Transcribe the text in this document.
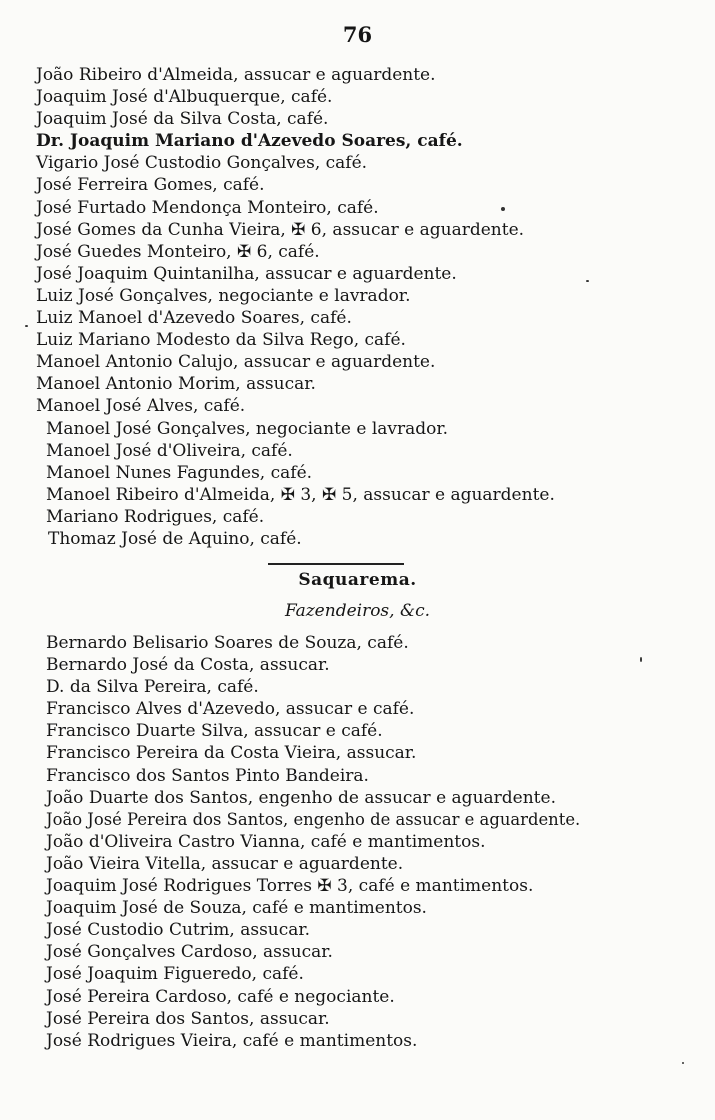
76
João Ribeiro d'Almeida, assucar e aguardente.
Joaquim José d'Albuquerque, café.
Joaquim José da Silva Costa, café.
Dr. Joaquim Mariano d'Azevedo Soares, café.
Vigario José Custodio Gonçalves, café.
José Ferreira Gomes, café.
José Furtado Mendonça Monteiro, café.
José Gomes da Cunha Vieira, ✠ 6, assucar e aguardente.
José Guedes Monteiro, ✠ 6, café.
José Joaquim Quintanilha, assucar e aguardente.
Luiz José Gonçalves, negociante e lavrador.
Luiz Manoel d'Azevedo Soares, café.
Luiz Mariano Modesto da Silva Rego, café.
Manoel Antonio Calujo, assucar e aguardente.
Manoel Antonio Morim, assucar.
Manoel José Alves, café.
Manoel José Gonçalves, negociante e lavrador.
Manoel José d'Oliveira, café.
Manoel Nunes Fagundes, café.
Manoel Ribeiro d'Almeida, ✠ 3, ✠ 5, assucar e aguardente.
Mariano Rodrigues, café.
Thomaz José de Aquino, café.
Saquarema.
Fazendeiros, &c.
Bernardo Belisario Soares de Souza, café.
Bernardo José da Costa, assucar.
D. da Silva Pereira, café.
Francisco Alves d'Azevedo, assucar e café.
Francisco Duarte Silva, assucar e café.
Francisco Pereira da Costa Vieira, assucar.
Francisco dos Santos Pinto Bandeira.
João Duarte dos Santos, engenho de assucar e aguardente.
João José Pereira dos Santos, engenho de assucar e aguardente.
João d'Oliveira Castro Vianna, café e mantimentos.
João Vieira Vitella, assucar e aguardente.
Joaquim José Rodrigues Torres ✠ 3, café e mantimentos.
Joaquim José de Souza, café e mantimentos.
José Custodio Cutrim, assucar.
José Gonçalves Cardoso, assucar.
José Joaquim Figueredo, café.
José Pereira Cardoso, café e negociante.
José Pereira dos Santos, assucar.
José Rodrigues Vieira, café e mantimentos.
